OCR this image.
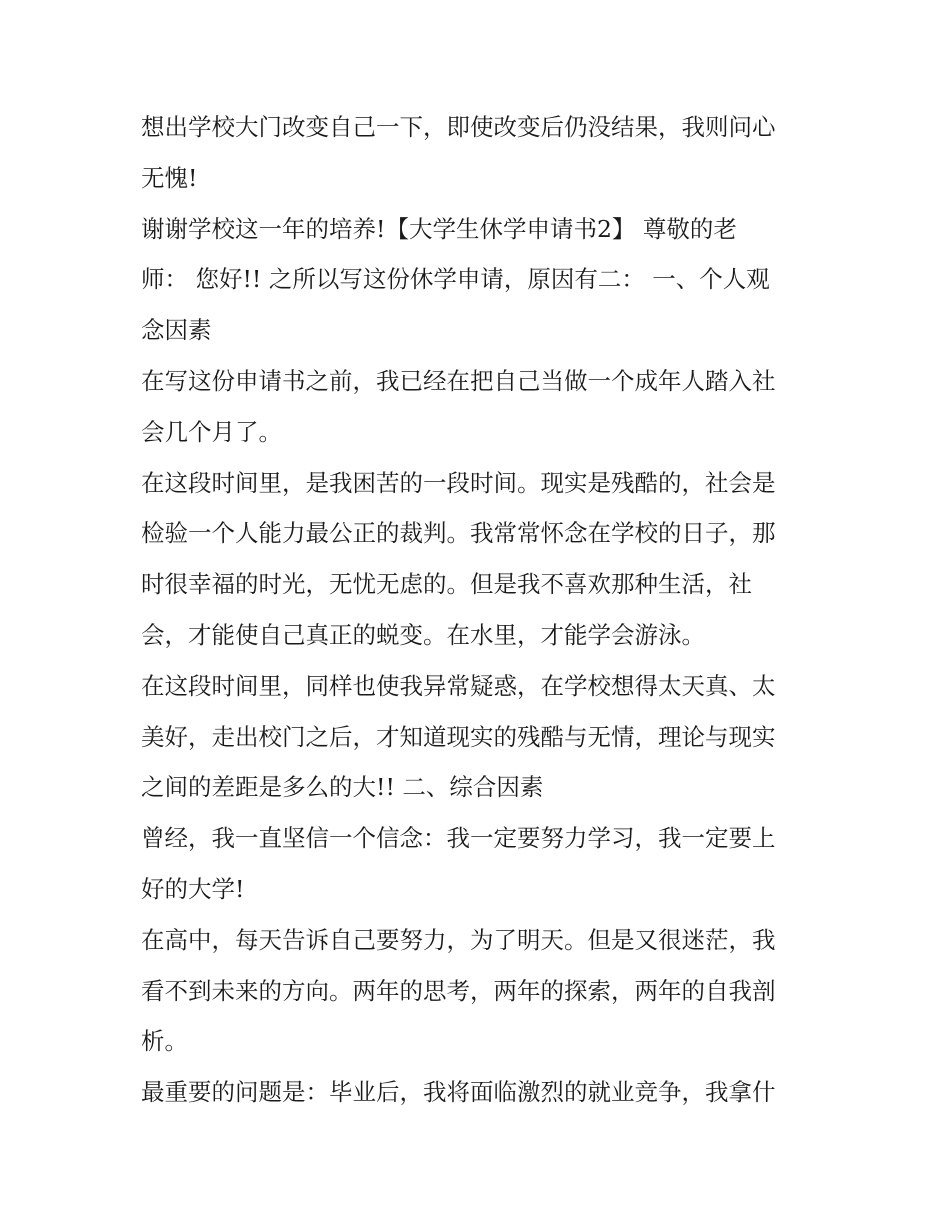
想出学校大门改变自己一下，即使改变后仍没结果，我则问心
无愧!
谢谢学校这一年的培养!【大学生休学申请书2】 尊敬的老
师： 您好!! 之所以写这份休学申请，原因有二： 一、个人观
念因素
在写这份申请书之前，我已经在把自己当做一个成年人踏入社
会几个月了。
在这段时间里，是我困苦的一段时间。现实是残酷的，社会是
检验一个人能力最公正的裁判。我常常怀念在学校的日子，那
时很幸福的时光，无忧无虑的。但是我不喜欢那种生活，社
会，才能使自己真正的蜕变。在水里，才能学会游泳。
在这段时间里，同样也使我异常疑惑，在学校想得太天真、太
美好，走出校门之后，才知道现实的残酷与无情，理论与现实
之间的差距是多么的大!! 二、综合因素
曾经，我一直坚信一个信念：我一定要努力学习，我一定要上
好的大学!
在高中，每天告诉自己要努力，为了明天。但是又很迷茫，我
看不到未来的方向。两年的思考，两年的探索，两年的自我剖
析。
最重要的问题是：毕业后，我将面临激烈的就业竞争，我拿什
